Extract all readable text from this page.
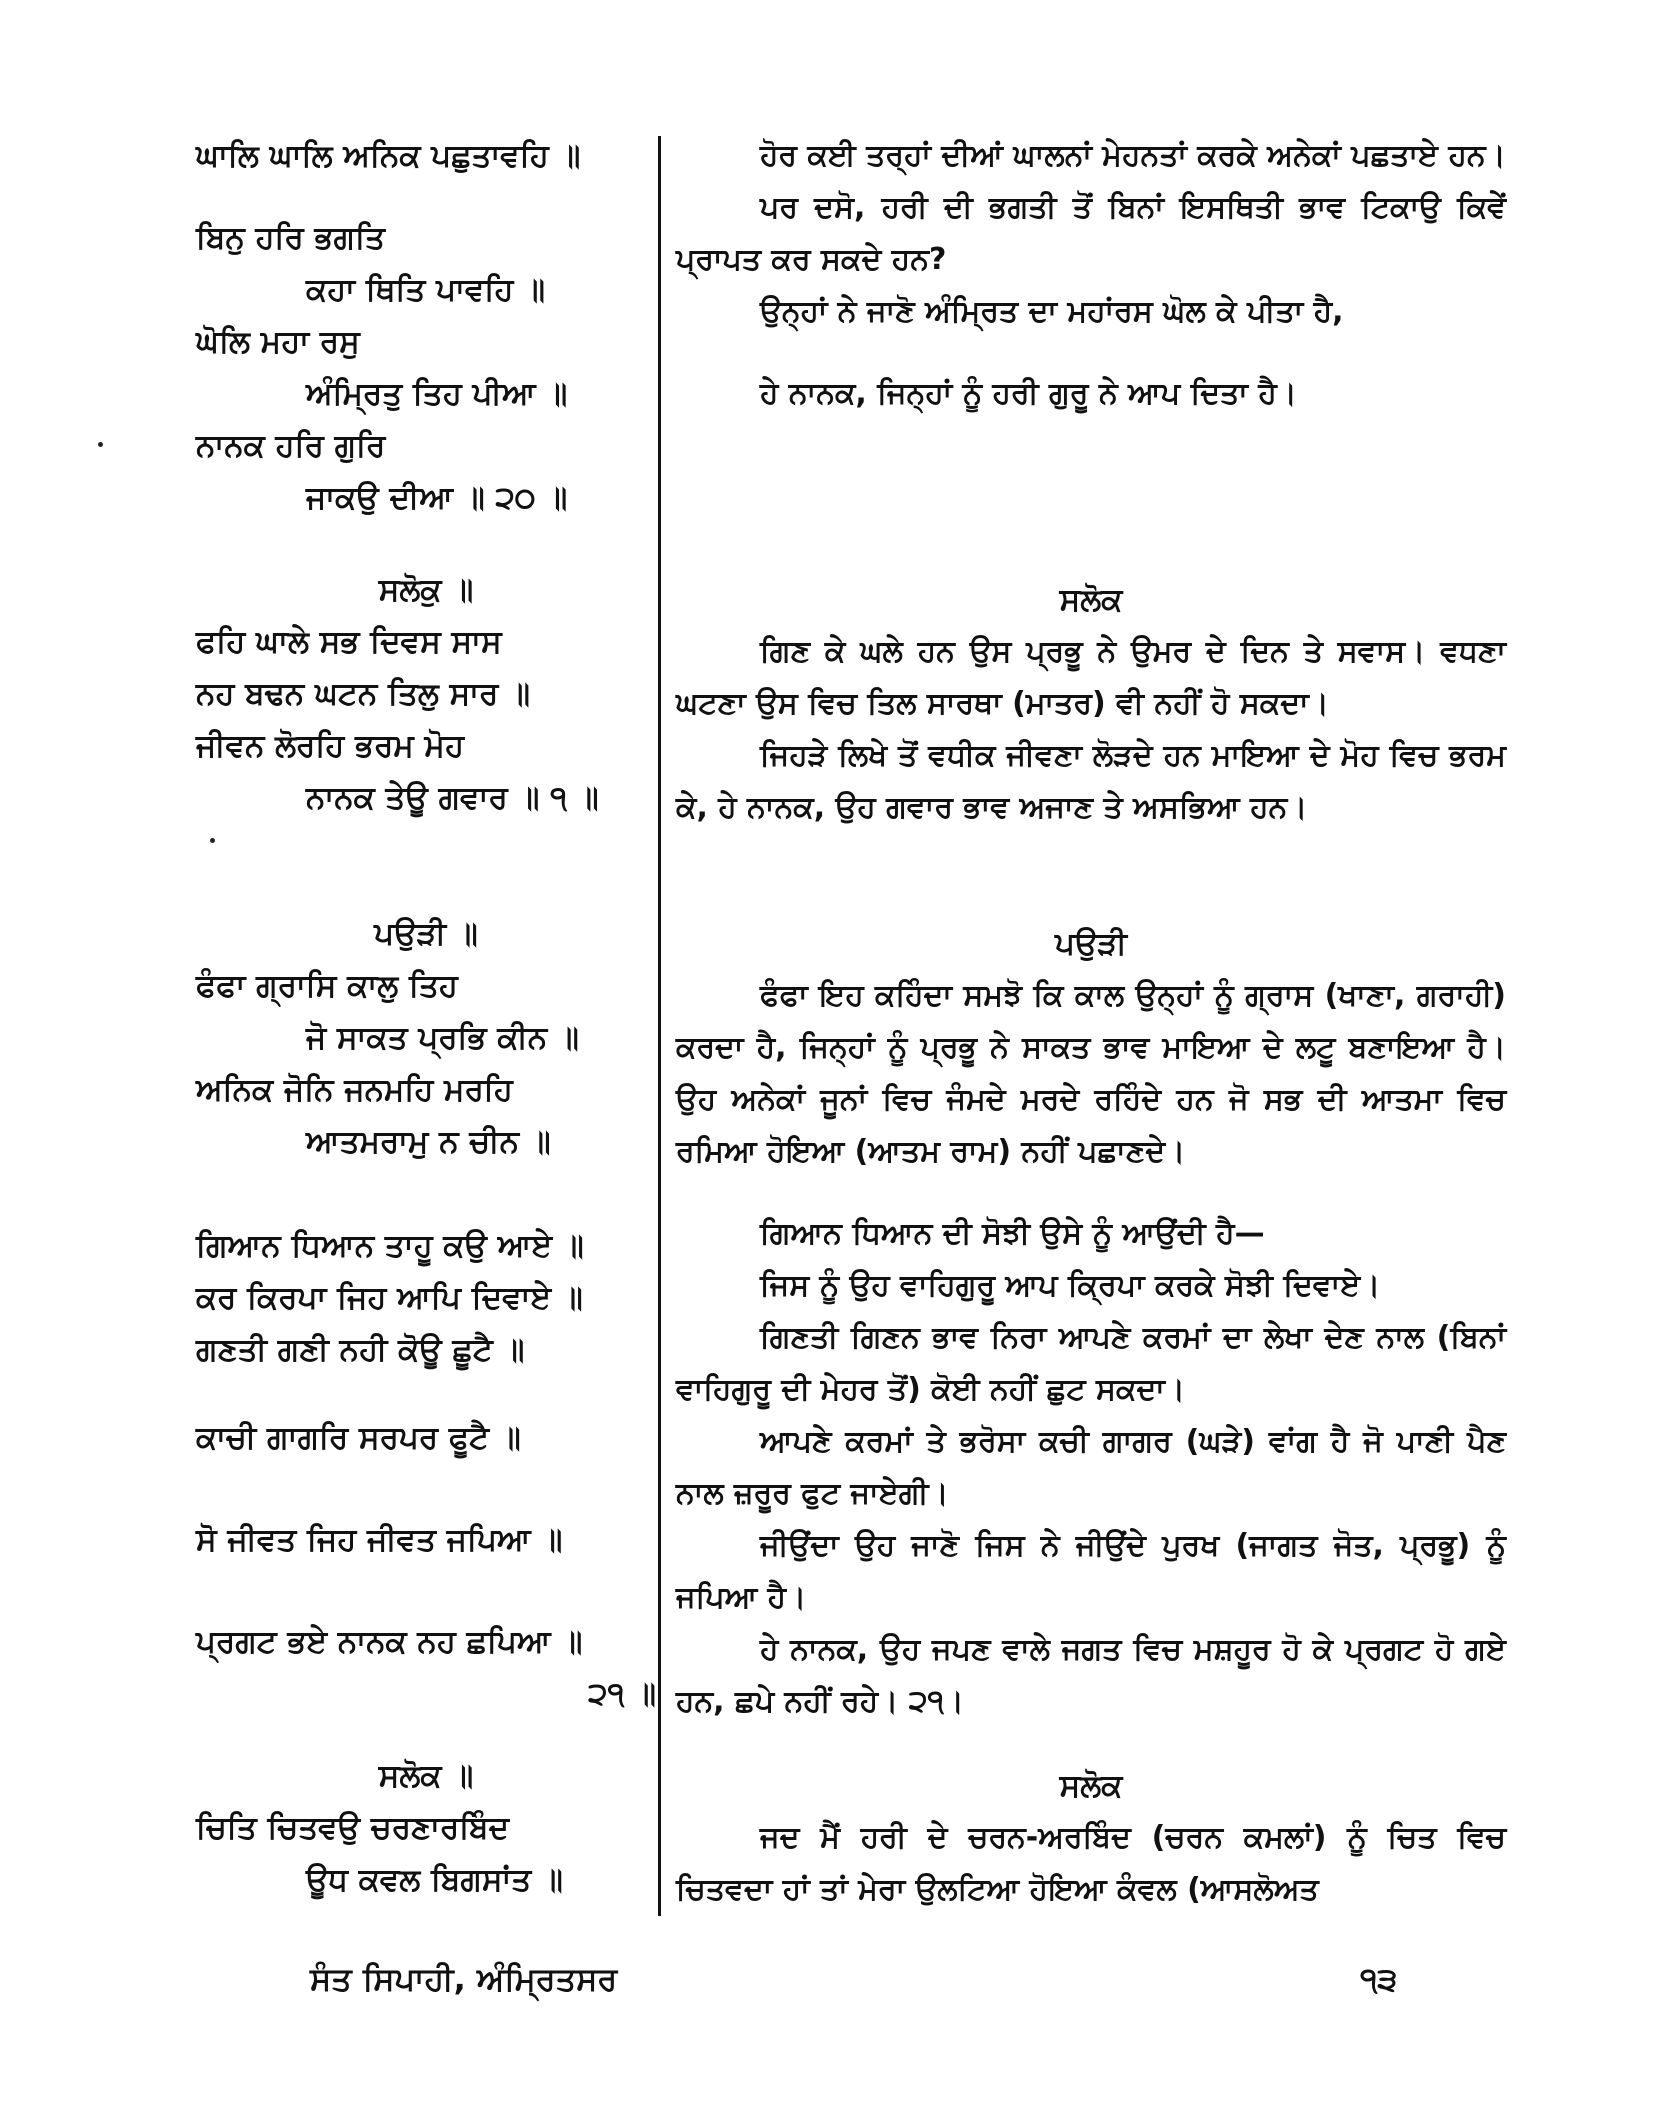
ਘਾਲਿ ਘਾਲਿ ਅਨਿਕ ਪਛੁਤਾਵਹਿ ॥
ਬਿਨੁ ਹਰਿ ਭਗਤਿ
ਕਹਾ ਥਿਤਿ ਪਾਵਹਿ ॥
ਘੋਲਿ ਮਹਾ ਰਸੁ
ਅੰਮ੍ਰਿਤੁ ਤਿਹ ਪੀਆ ॥
ਨਾਨਕ ਹਰਿ ਗੁਰਿ
ਜਾਕਉ ਦੀਆ ॥ ੨੦ ॥

ਹੋਰ ਕਈ ਤਰ੍ਹਾਂ ਦੀਆਂ ਘਾਲਨਾਂ ਮੇਹਨਤਾਂ ਕਰਕੇ ਅਨੇਕਾਂ ਪਛਤਾਏ ਹਨ।

ਪਰ ਦਸੋ, ਹਰੀ ਦੀ ਭਗਤੀ ਤੋਂ ਬਿਨਾਂ ਇਸਥਿਤੀ ਭਾਵ ਟਿਕਾਉ ਕਿਵੇਂ ਪ੍ਰਾਪਤ ਕਰ ਸਕਦੇ ਹਨ?

ਉਨ੍ਹਾਂ ਨੇ ਜਾਣੋ ਅੰਮ੍ਰਿਤ ਦਾ ਮਹਾਂਰਸ ਘੋਲ ਕੇ ਪੀਤਾ ਹੈ,

ਹੇ ਨਾਨਕ, ਜਿਨ੍ਹਾਂ ਨੂੰ ਹਰੀ ਗੁਰੂ ਨੇ ਆਪ ਦਿਤਾ ਹੈ।

ਸਲੋਕੁ ॥
ਫਹਿ ਘਾਲੇ ਸਭ ਦਿਵਸ ਸਾਸ
ਨਹ ਬਢਨ ਘਟਨ ਤਿਲੁ ਸਾਰ ॥
ਜੀਵਨ ਲੋਰਹਿ ਭਰਮ ਮੋਹ
ਨਾਨਕ ਤੇਊ ਗਵਾਰ ॥ ੧ ॥
ਸਲੋਕ

ਗਿਣ ਕੇ ਘਲੇ ਹਨ ਉਸ ਪ੍ਰਭੂ ਨੇ ਉਮਰ ਦੇ ਦਿਨ ਤੇ ਸਵਾਸ। ਵਧਣਾ ਘਟਣਾ ਉਸ ਵਿਚ ਤਿਲ ਸਾਰਥਾ (ਮਾਤਰ) ਵੀ ਨਹੀਂ ਹੋ ਸਕਦਾ।

ਜਿਹੜੇ ਲਿਖੇ ਤੋਂ ਵਧੀਕ ਜੀਵਣਾ ਲੋੜਦੇ ਹਨ ਮਾਇਆ ਦੇ ਮੋਹ ਵਿਚ ਭਰਮ ਕੇ, ਹੇ ਨਾਨਕ, ਉਹ ਗਵਾਰ ਭਾਵ ਅਜਾਣ ਤੇ ਅਸਭਿਆ ਹਨ।

ਪਉੜੀ ॥
ਫੰਫਾ ਗ੍ਰਾਸਿ ਕਾਲੁ ਤਿਹ
ਜੋ ਸਾਕਤ ਪ੍ਰਭਿ ਕੀਨ ॥
ਅਨਿਕ ਜੋਨਿ ਜਨਮਹਿ ਮਰਹਿ
ਆਤਮਰਾਮੁ ਨ ਚੀਨ ॥
ਗਿਆਨ ਧਿਆਨ ਤਾਹੂ ਕਉ ਆਏ ॥
ਕਰ ਕਿਰਪਾ ਜਿਹ ਆਪਿ ਦਿਵਾਏ ॥
ਗਣਤੀ ਗਣੀ ਨਹੀ ਕੋਊ ਛੂਟੈ ॥
ਕਾਚੀ ਗਾਗਰਿ ਸਰਪਰ ਫੂਟੈ ॥
ਸੋ ਜੀਵਤ ਜਿਹ ਜੀਵਤ ਜਪਿਆ ॥
ਪ੍ਰਗਟ ਭਏ ਨਾਨਕ ਨਹ ਛਪਿਆ ॥
੨੧ ॥
ਪਉੜੀ

ਫੰਫਾ ਇਹ ਕਹਿੰਦਾ ਸਮਝੋ ਕਿ ਕਾਲ ਉਨ੍ਹਾਂ ਨੂੰ ਗ੍ਰਾਸ (ਖਾਣਾ, ਗਰਾਹੀ) ਕਰਦਾ ਹੈ, ਜਿਨ੍ਹਾਂ ਨੂੰ ਪ੍ਰਭੂ ਨੇ ਸਾਕਤ ਭਾਵ ਮਾਇਆ ਦੇ ਲਟੂ ਬਣਾਇਆ ਹੈ। ਉਹ ਅਨੇਕਾਂ ਜੂਨਾਂ ਵਿਚ ਜੰਮਦੇ ਮਰਦੇ ਰਹਿੰਦੇ ਹਨ ਜੋ ਸਭ ਦੀ ਆਤਮਾ ਵਿਚ ਰਮਿਆ ਹੋਇਆ (ਆਤਮ ਰਾਮ) ਨਹੀਂ ਪਛਾਣਦੇ।

ਗਿਆਨ ਧਿਆਨ ਦੀ ਸੋਝੀ ਉਸੇ ਨੂੰ ਆਉਂਦੀ ਹੈ—

ਜਿਸ ਨੂੰ ਉਹ ਵਾਹਿਗੁਰੂ ਆਪ ਕ੍ਰਿਪਾ ਕਰਕੇ ਸੋਝੀ ਦਿਵਾਏ।

ਗਿਣਤੀ ਗਿਣਨ ਭਾਵ ਨਿਰਾ ਆਪਣੇ ਕਰਮਾਂ ਦਾ ਲੇਖਾ ਦੇਣ ਨਾਲ (ਬਿਨਾਂ ਵਾਹਿਗੁਰੂ ਦੀ ਮੇਹਰ ਤੋਂ) ਕੋਈ ਨਹੀਂ ਛੁਟ ਸਕਦਾ।

ਆਪਣੇ ਕਰਮਾਂ ਤੇ ਭਰੋਸਾ ਕਚੀ ਗਾਗਰ (ਘੜੇ) ਵਾਂਗ ਹੈ ਜੋ ਪਾਣੀ ਪੈਣ ਨਾਲ ਜ਼ਰੂਰ ਫੁਟ ਜਾਏਗੀ।

ਜੀਉਂਦਾ ਉਹ ਜਾਣੋ ਜਿਸ ਨੇ ਜੀਉਂਦੇ ਪੁਰਖ (ਜਾਗਤ ਜੋਤ, ਪ੍ਰਭੂ) ਨੂੰ ਜਪਿਆ ਹੈ।

ਹੇ ਨਾਨਕ, ਉਹ ਜਪਣ ਵਾਲੇ ਜਗਤ ਵਿਚ ਮਸ਼ਹੂਰ ਹੋ ਕੇ ਪ੍ਰਗਟ ਹੋ ਗਏ ਹਨ, ਛਪੇ ਨਹੀਂ ਰਹੇ। ੨੧।

ਸਲੋਕ ॥
ਚਿਤਿ ਚਿਤਵਉ ਚਰਣਾਰਬਿੰਦ
ਊਧ ਕਵਲ ਬਿਗਸਾਂਤ ॥
ਸਲੋਕ

ਜਦ ਮੈਂ ਹਰੀ ਦੇ ਚਰਨ-ਅਰਬਿੰਦ (ਚਰਨ ਕਮਲਾਂ) ਨੂੰ ਚਿਤ ਵਿਚ ਚਿਤਵਦਾ ਹਾਂ ਤਾਂ ਮੇਰਾ ਉਲਟਿਆ ਹੋਇਆ ਕੰਵਲ (ਆਸਲੋਅਤ

ਸੰਤ ਸਿਪਾਹੀ, ਅੰਮ੍ਰਿਤਸਰ	੧੩
